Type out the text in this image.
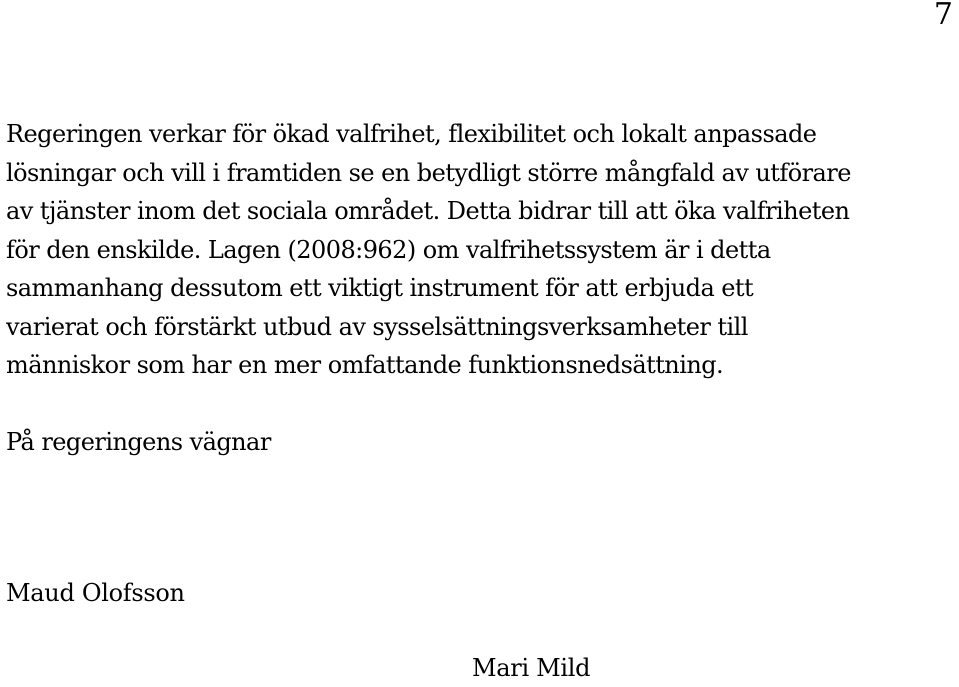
7

Regeringen verkar för ökad valfrihet, flexibilitet och lokalt anpassade
lösningar och vill i framtiden se en betydligt större mångfald av utförare
av tjänster inom det sociala området. Detta bidrar till att öka valfriheten
för den enskilde. Lagen (2008:962) om valfrihetssystem är i detta
sammanhang dessutom ett viktigt instrument för att erbjuda ett
varierat och förstärkt utbud av sysselsättningsverksamheter till
människor som har en mer omfattande funktionsnedsättning.

På regeringens vägnar

Maud Olofsson

Mari Mild
